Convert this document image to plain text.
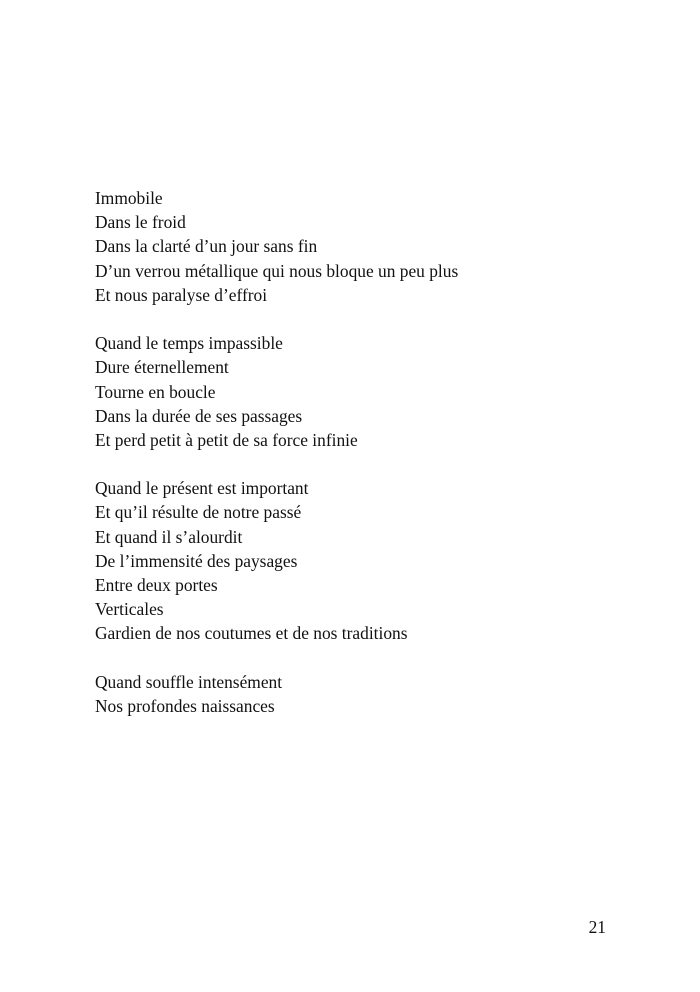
Immobile
Dans le froid
Dans la clarté d’un jour sans fin
D’un verrou métallique qui nous bloque un peu plus
Et nous paralyse d’effroi
Quand le temps impassible
Dure éternellement
Tourne en boucle
Dans la durée de ses passages
Et perd petit à petit de sa force infinie
Quand le présent est important
Et qu’il résulte de notre passé
Et quand il s’alourdit
De l’immensité des paysages
Entre deux portes
Verticales
Gardien de nos coutumes et de nos traditions
Quand souffle intensément
Nos profondes naissances
21
